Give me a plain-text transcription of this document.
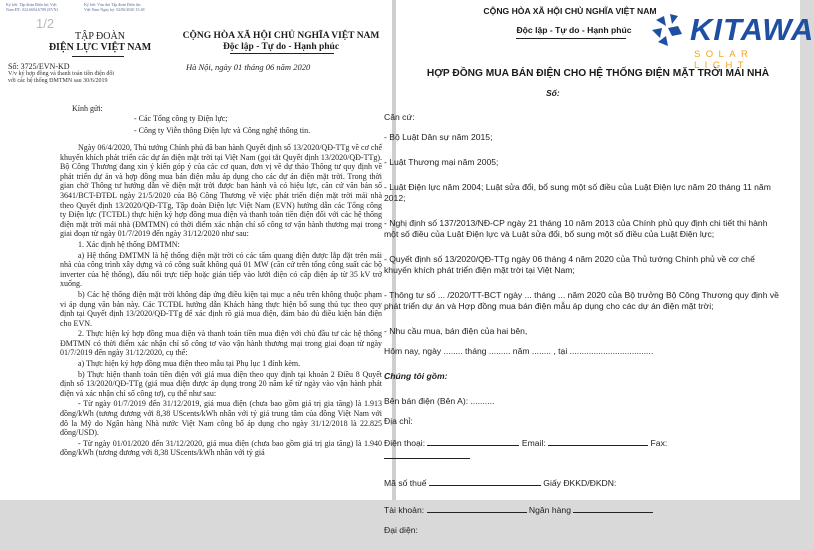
Ký bởi: Tập đoàn Điện lực Việt Nam ĐT: 024.6694.6789 (EVN)
Ký bởi: Văn thư Tập đoàn Điện lực Việt Nam Ngày ký: 02/06/2020 15:48
1/2
TẬP ĐOÀN
ĐIỆN LỰC VIỆT NAM
CỘNG HÒA XÃ HỘI CHỦ NGHĨA VIỆT NAM
Độc lập - Tự do - Hạnh phúc
Số: 3725/EVN-KD	Hà Nội, ngày 01 tháng 06 năm 2020
V/v ký hợp đồng và thanh toán tiền điện đối với các hệ thống ĐMTMN sau 30/6/2019
Kính gửi:
- Các Tổng công ty Điện lực;
- Công ty Viễn thông Điện lực và Công nghệ thông tin.

Ngày 06/4/2020, Thủ tướng Chính phủ đã ban hành Quyết định số 13/2020/QĐ-TTg về cơ chế khuyến khích phát triển các dự án điện mặt trời tại Việt Nam (gọi tắt Quyết định 13/2020/QĐ-TTg). Bộ Công Thương đang xin ý kiến góp ý của các cơ quan, đơn vị về dự thảo Thông tư quy định về phát triển dự án và hợp đồng mua bán điện mẫu áp dụng cho các dự án điện mặt trời. Trong thời gian chờ Thông tư hướng dẫn về điện mặt trời được ban hành và có hiệu lực, căn cứ văn bản số 3641/BCT-ĐTĐL ngày 21/5/2020 của Bộ Công Thương về việc phát triển điện mặt trời mái nhà theo Quyết định 13/2020/QĐ-TTg, Tập đoàn Điện lực Việt Nam (EVN) hướng dẫn các Tổng công ty Điện lực (TCTĐL) thực hiện ký hợp đồng mua điện và thanh toán tiền điện đối với các hệ thống điện mặt trời mái nhà (ĐMTMN) có thời điểm xác nhận chỉ số công tơ vận hành thương mại trong giai đoạn từ ngày 01/7/2019 đến ngày 31/12/2020 như sau:

1. Xác định hệ thống ĐMTMN:

a) Hệ thống ĐMTMN là hệ thống điện mặt trời có các tấm quang điện được lắp đặt trên mái nhà của công trình xây dựng và có công suất không quá 01 MW (căn cứ trên tổng công suất các bộ inverter của hệ thống), đấu nối trực tiếp hoặc gián tiếp vào lưới điện có cấp điện áp từ 35 kV trở xuống.

b) Các hệ thống điện mặt trời không đáp ứng điều kiện tại mục a nêu trên không thuộc phạm vi áp dụng văn bản này. Các TCTĐL hướng dẫn Khách hàng thực hiện bổ sung thủ tục theo quy định tại Quyết định 13/2020/QĐ-TTg để xác định rõ giá mua điện, đảm bảo đủ điều kiện bán điện cho EVN.

2. Thực hiện ký hợp đồng mua điện và thanh toán tiền mua điện với chủ đầu tư các hệ thống ĐMTMN có thời điểm xác nhận chỉ số công tơ vào vận hành thương mại trong giai đoạn từ ngày 01/7/2019 đến ngày 31/12/2020, cụ thể:

a) Thực hiện ký hợp đồng mua điện theo mẫu tại Phụ lục 1 đính kèm.

b) Thực hiện thanh toán tiền điện với giá mua điện theo quy định tại khoản 2 Điều 8 Quyết định số 13/2020/QĐ-TTg (giá mua điện được áp dụng trong 20 năm kể từ ngày vào vận hành phát điện và xác nhận chỉ số công tơ), cụ thể như sau:

- Từ ngày 01/7/2019 đến 31/12/2019, giá mua điện (chưa bao gồm giá trị gia tăng) là 1.913 đồng/kWh (tương đương với 8,38 UScents/kWh nhân với tỷ giá trung tâm của đồng Việt Nam với đô la Mỹ do Ngân hàng Nhà nước Việt Nam công bố áp dụng cho ngày 31/12/2018 là 22.825 đồng/USD).

- Từ ngày 01/01/2020 đến 31/12/2020, giá mua điện (chưa bao gồm giá trị gia tăng) là 1.940 đồng/kWh (tương đương với 8,38 UScents/kWh nhân với tỷ giá

CỘNG HÒA XÃ HỘI CHỦ NGHĨA VIỆT NAM
Độc lập - Tự do - Hạnh phúc	KITAWA
SOLAR LIGHT
HỢP ĐỒNG MUA BÁN ĐIỆN CHO HỆ THỐNG ĐIỆN MẶT TRỜI MÁI NHÀ
Số:

Căn cứ:

- Bộ Luật Dân sự năm 2015;

- Luật Thương mại năm 2005;

- Luật Điện lực năm 2004; Luật sửa đổi, bổ sung một số điều của Luật Điện lực năm 20 tháng 11 năm 2012;

- Nghị định số 137/2013/NĐ-CP ngày 21 tháng 10 năm 2013 của Chính phủ quy định chi tiết thi hành một số điều của Luật Điện lực và Luật sửa đổi, bổ sung một số điều của Luật Điện lực;

- Quyết định số 13/2020/QĐ-TTg ngày 06 tháng 4 năm 2020 của Thủ tướng Chính phủ về cơ chế khuyến khích phát triển điện mặt trời tại Việt Nam;

- Thông tư số ... /2020/TT-BCT ngày ... tháng ... năm 2020 của Bộ trưởng Bộ Công Thương quy định về phát triển dự án và Hợp đồng mua bán điện mẫu áp dụng cho các dự án điện mặt trời;

- Nhu cầu mua, bán điện của hai bên,

Hôm nay, ngày ........ tháng ......... năm ........ , tại ...................................

Chúng tôi gồm:

Bên bán điện (Bên A): ..........

Địa chỉ:

Điện thoại:	Email:	Fax:

Mã số thuế	Giấy ĐKKD/ĐKDN:

Tài khoản:	Ngân hàng

Đại diện:
